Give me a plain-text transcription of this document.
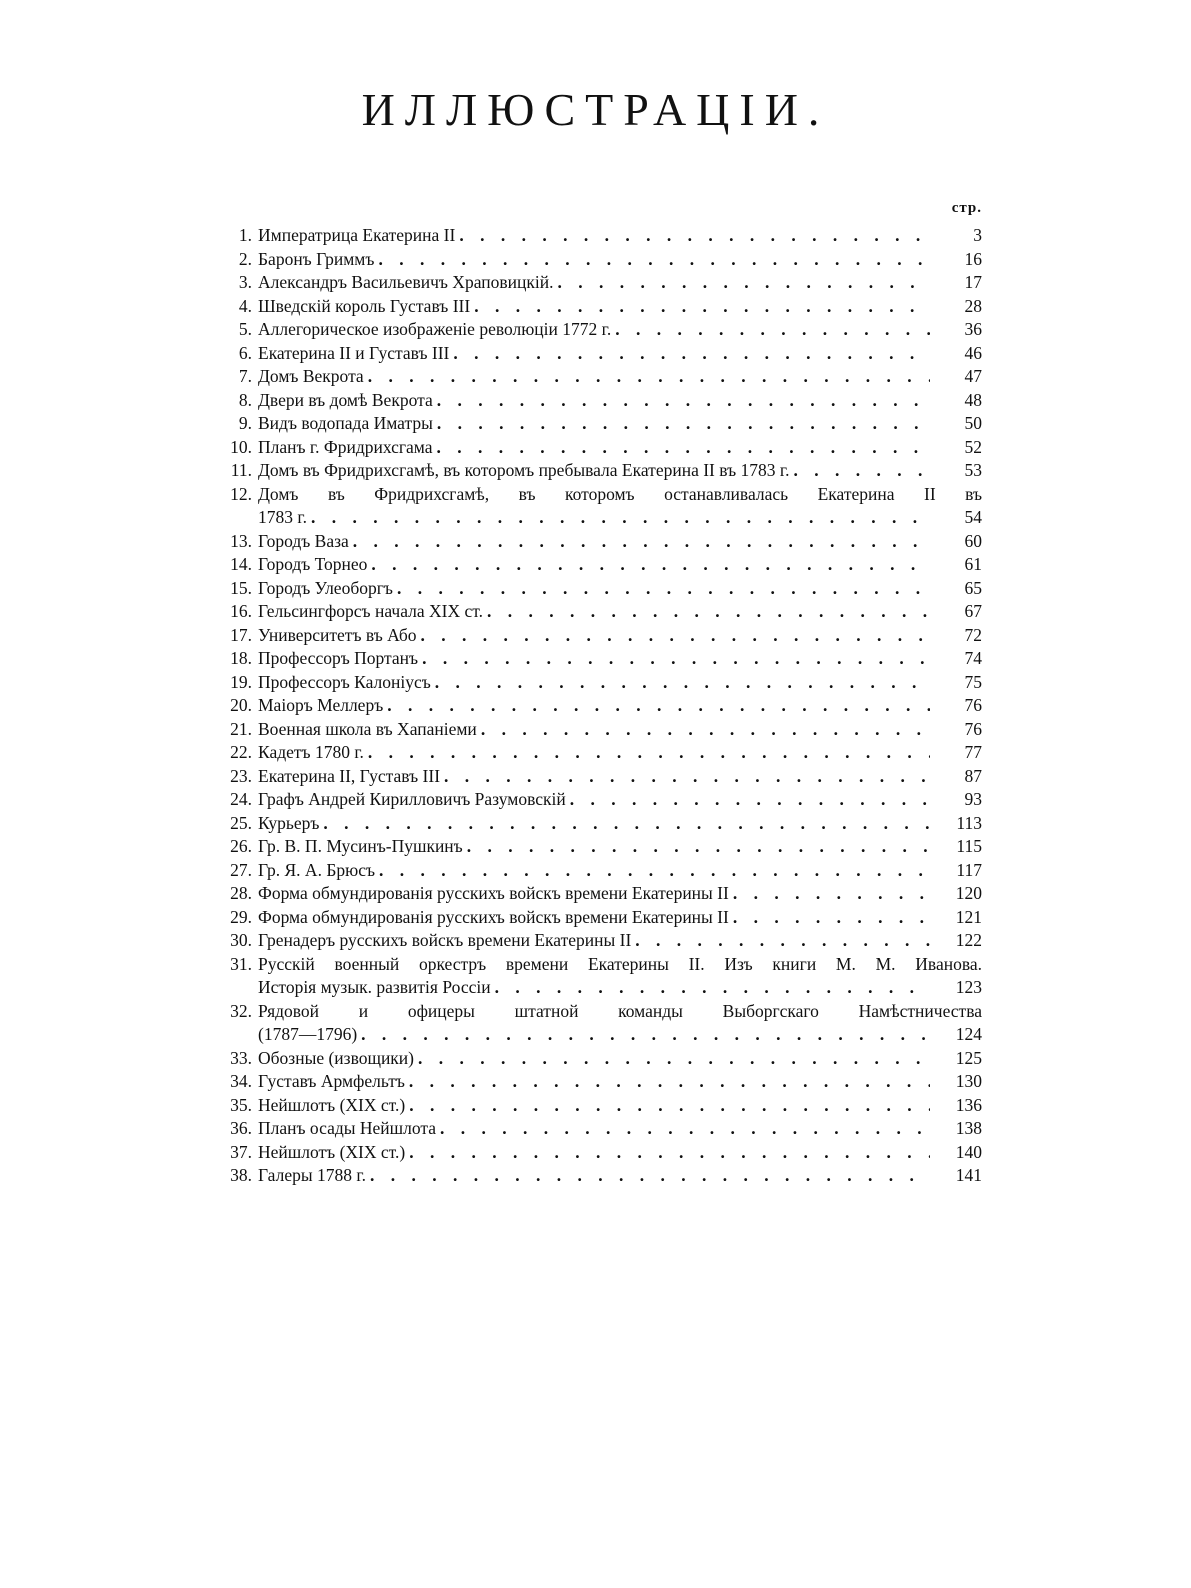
ИЛЛЮСТРАЦІИ.
стр.
1. Императрица Екатерина II . . .	3
2. Баронъ Гриммъ . . .	16
3. Александръ Васильевичъ Храповицкій. . . .	17
4. Шведскій король Густавъ III . . .	28
5. Аллегорическое изображеніе революціи 1772 г. . . .	36
6. Екатерина II и Густавъ III . . .	46
7. Домъ Векрота . . .	47
8. Двери въ домѣ Векрота . . .	48
9. Видъ водопада Иматры . . .	50
10. Планъ г. Фридрихсгама . . .	52
11. Домъ въ Фридрихсгамѣ, въ которомъ пребывала Екатерина II въ 1783 г. . . .	53
12. Домъ въ Фридрихсгамѣ, въ которомъ останавливалась Екатерина II въ
1783 г. . . .	54
13. Городъ Ваза . . .	60
14. Городъ Торнео . . .	61
15. Городъ Улеоборгъ . . .	65
16. Гельсингфорсъ начала XIX ст. . . .	67
17. Университетъ въ Або . . .	72
18. Профессоръ Портанъ . . .	74
19. Профессоръ Калоніусъ . . .	75
20. Маіоръ Меллеръ . . .	76
21. Военная школа въ Хапаніеми . . .	76
22. Кадетъ 1780 г. . . .	77
23. Екатерина II, Густавъ III . . .	87
24. Графъ Андрей Кирилловичъ Разумовскій . . .	93
25. Курьеръ . . .	113
26. Гр. В. П. Мусинъ-Пушкинъ . . .	115
27. Гр. Я. А. Брюсъ . . .	117
28. Форма обмундированія русскихъ войскъ времени Екатерины II . . .	120
29. Форма обмундированія русскихъ войскъ времени Екатерины II . . .	121
30. Гренадеръ русскихъ войскъ времени Екатерины II . . .	122
31. Русскій военный оркестръ времени Екатерины II. Изъ книги М. М. Иванова.
Исторія музык. развитія Россіи . . .	123
32. Рядовой и офицеры штатной команды Выборгскаго Намѣстничества
(1787—1796) . . .	124
33. Обозные (извощики) . . .	125
34. Густавъ Армфельтъ . . .	130
35. Нейшлотъ (XIX ст.) . . .	136
36. Планъ осады Нейшлота . . .	138
37. Нейшлотъ (XIX ст.) . . .	140
38. Галеры 1788 г. . . .	141
